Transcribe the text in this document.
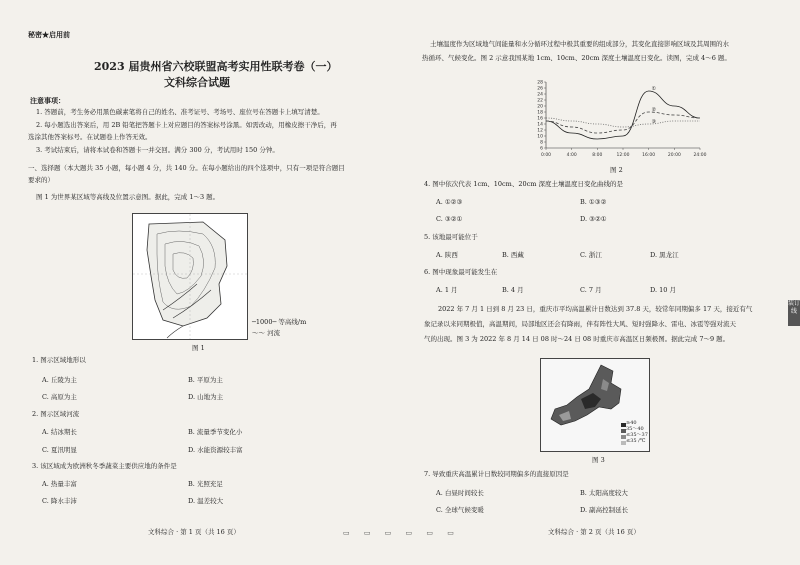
秘密★启用前
2023 届贵州省六校联盟高考实用性联考卷（一）
文科综合试题
注意事项：
1. 答题前，考生务必用黑色碳素笔将自己的姓名、准考证号、考场号、座位号在答题卡上填写清楚。
2. 每小题选出答案后，用 2B 铅笔把答题卡上对应题目的答案标号涂黑。如需改动，用橡皮擦干净后，再
选涂其他答案标号。在试题卷上作答无效。
3. 考试结束后，请将本试卷和答题卡一并交回。满分 300 分，考试用时 150 分钟。
一、选择题（本大题共 35 小题，每小题 4 分，共 140 分。在每小题给出的四个选项中，只有一项是符合题目
要求的）
图 1 为世界某区域等高线及位置示意图。据此，完成 1～3 题。
─1000─ 等高线/m
～～ 河流
图 1
1. 图示区域地形以
A. 丘陵为主	B. 平原为主
C. 高原为主	D. 山地为主
2. 图示区域河流
A. 结冰期长	B. 流量季节变化小
C. 夏汛明显	D. 水能资源较丰富
3. 该区域成为欧洲秋冬季蔬菜主要供应地的条件是
A. 热量丰富	B. 光照充足
C. 降水丰沛	D. 温差较大
文科综合 · 第 1 页（共 16 页）	▭ ▭ ▭ ▭ ▭ ▭
土壤温度作为区域地气间能量和水分循环过程中极其重要的组成部分，其变化直接影响区域及其周围的水
热循环、气候变化。图 2 示意我国某地 1cm、10cm、20cm 深度土壤温度日变化。读图，完成 4～6 题。
6
8
10
12
14
16
18
20
22
24
26
28
0:00	4:00	8:00	12:00	16:00	20:00	24:00
①
②
③
图 2
4. 图中依次代表 1cm、10cm、20cm 深度土壤温度日变化曲线的是
A. ①②③	B. ①③②
C. ③②①	D. ③②①
5. 该地最可能位于
A. 陕西	B. 西藏	C. 浙江	D. 黑龙江
6. 图中现象最可能发生在
A. 1 月	B. 4 月	C. 7 月	D. 10 月
2022 年 7 月 1 日到 8 月 23 日，重庆市平均高温累计日数达到 37.8 天，较常年同期偏多 17 天，接近有气
象记录以来同期极值，高温期间，局部地区还会有降雨，伴有阵性大风、短时强降水、雷电、冰雹等强对流天
气的出现。图 3 为 2022 年 8 月 14 日 08 时～24 日 08 时重庆市高温区日频极图。据此完成 7～9 题。
≥40
35～40
≤35～37
≤35 /℃
图 3
7. 导致重庆高温累计日数较同期偏多的直接原因是
A. 白昼时间较长	B. 太阳高度较大
C. 全球气候变暖	D. 副高控制延长
文科综合 · 第 2 页（共 16 页）
装订线
